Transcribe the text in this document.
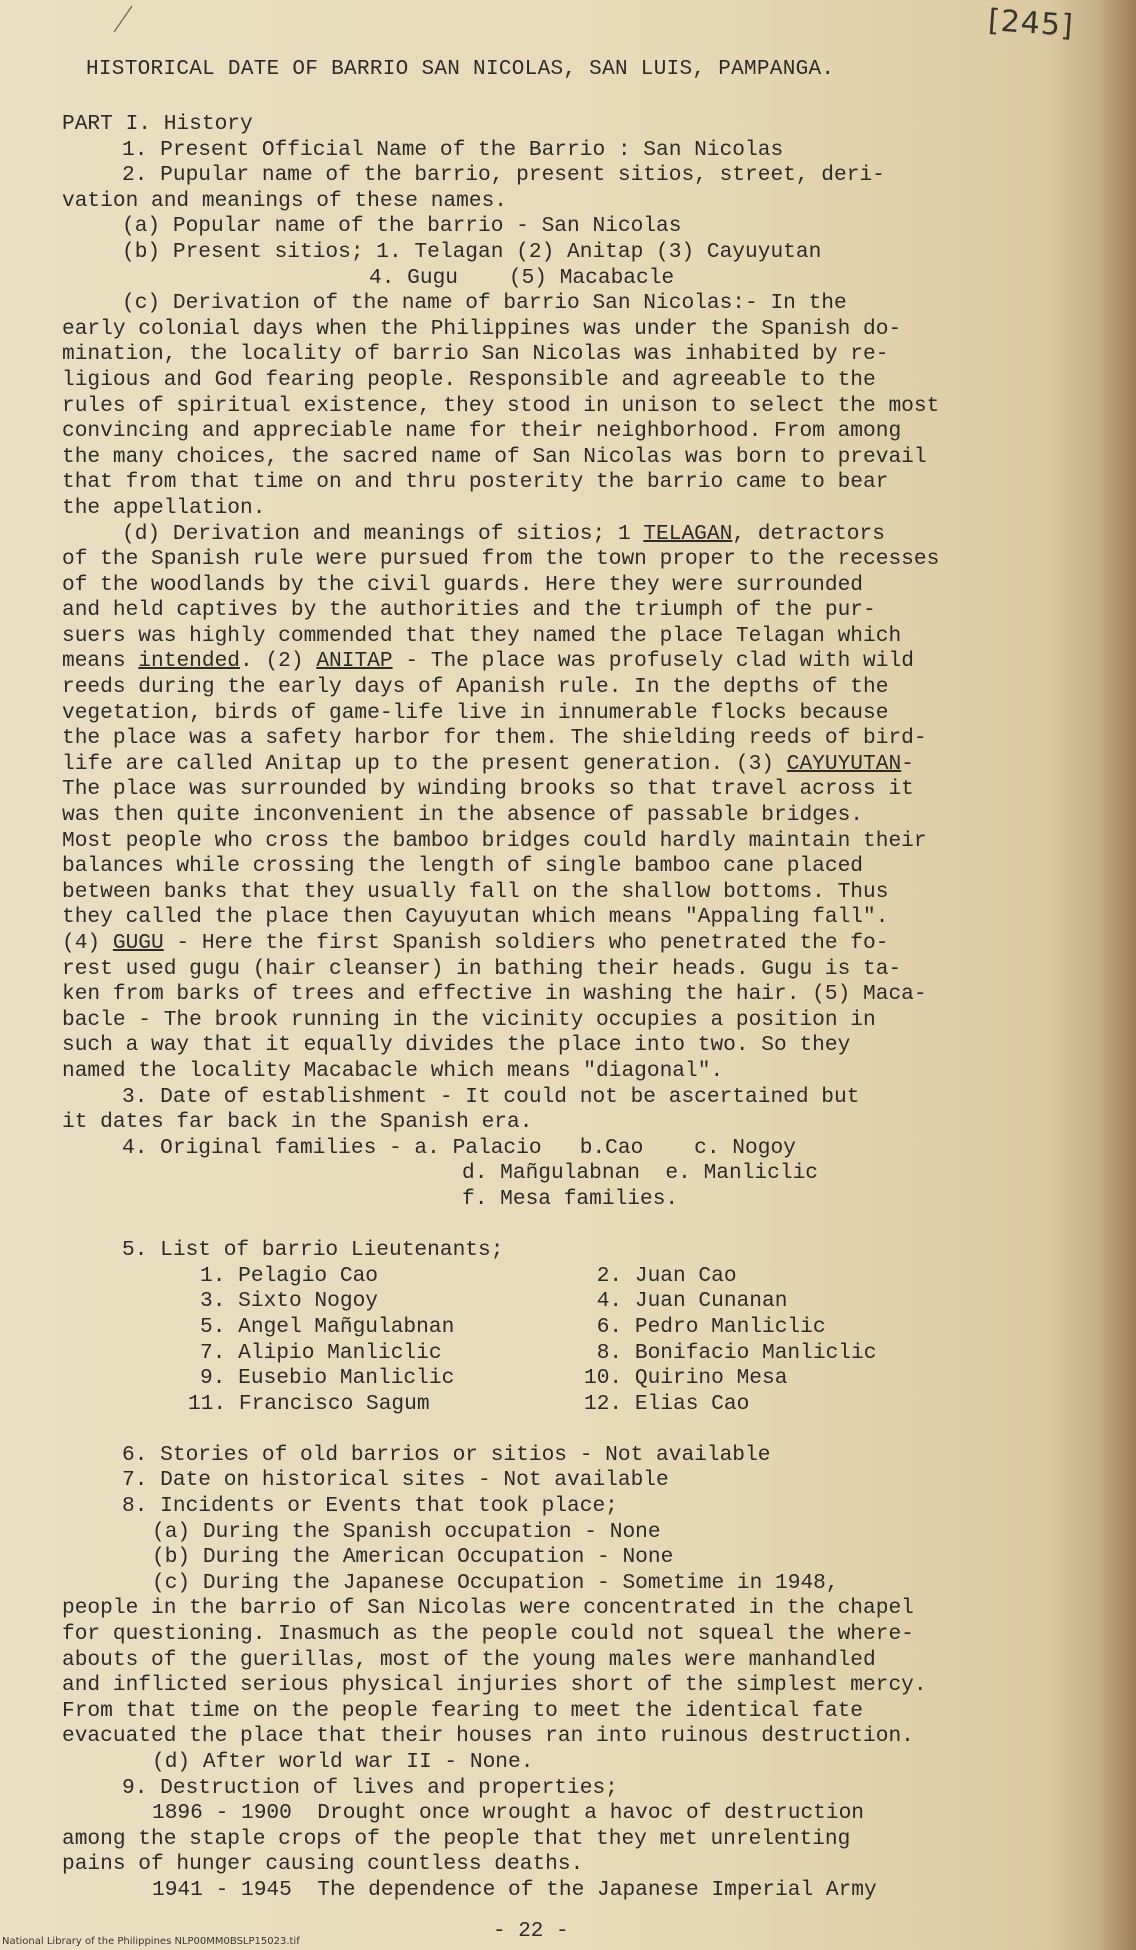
[245]
HISTORICAL DATE OF BARRIO SAN NICOLAS, SAN LUIS, PAMPANGA.
PART I. History
1. Present Official Name of the Barrio : San Nicolas
2. Pupular name of the barrio, present sitios, street, deri-
vation and meanings of these names.
(a) Popular name of the barrio - San Nicolas
(b) Present sitios; 1. Telagan (2) Anitap (3) Cayuyutan
4. Gugu    (5) Macabacle
(c) Derivation of the name of barrio San Nicolas:- In the
early colonial days when the Philippines was under the Spanish do-
mination, the locality of barrio San Nicolas was inhabited by re-
ligious and God fearing people. Responsible and agreeable to the
rules of spiritual existence, they stood in unison to select the most
convincing and appreciable name for their neighborhood. From among
the many choices, the sacred name of San Nicolas was born to prevail
that from that time on and thru posterity the barrio came to bear
the appellation.
(d) Derivation and meanings of sitios; 1 TELAGAN, detractors
of the Spanish rule were pursued from the town proper to the recesses
of the woodlands by the civil guards. Here they were surrounded
and held captives by the authorities and the triumph of the pur-
suers was highly commended that they named the place Telagan which
means intended. (2) ANITAP - The place was profusely clad with wild
reeds during the early days of Apanish rule. In the depths of the
vegetation, birds of game-life live in innumerable flocks because
the place was a safety harbor for them. The shielding reeds of bird-
life are called Anitap up to the present generation. (3) CAYUYUTAN-
The place was surrounded by winding brooks so that travel across it
was then quite inconvenient in the absence of passable bridges.
Most people who cross the bamboo bridges could hardly maintain their
balances while crossing the length of single bamboo cane placed
between banks that they usually fall on the shallow bottoms. Thus
they called the place then Cayuyutan which means "Appaling fall".
(4) GUGU - Here the first Spanish soldiers who penetrated the fo-
rest used gugu (hair cleanser) in bathing their heads. Gugu is ta-
ken from barks of trees and effective in washing the hair. (5) Maca-
bacle - The brook running in the vicinity occupies a position in
such a way that it equally divides the place into two. So they
named the locality Macabacle which means "diagonal".
3. Date of establishment - It could not be ascertained but
it dates far back in the Spanish era.
4. Original families - a. Palacio   b.Cao    c. Nogoy
d. Mañgulabnan  e. Manliclic
f. Mesa families.
5. List of barrio Lieutenants;
1. Pelagio Cao	2. Juan Cao
3. Sixto Nogoy	4. Juan Cunanan
5. Angel Mañgulabnan	6. Pedro Manliclic
7. Alipio Manliclic	8. Bonifacio Manliclic
9. Eusebio Manliclic	10. Quirino Mesa
11. Francisco Sagum	12. Elias Cao
6. Stories of old barrios or sitios - Not available
7. Date on historical sites - Not available
8. Incidents or Events that took place;
(a) During the Spanish occupation - None
(b) During the American Occupation - None
(c) During the Japanese Occupation - Sometime in 1948,
people in the barrio of San Nicolas were concentrated in the chapel
for questioning. Inasmuch as the people could not squeal the where-
abouts of the guerillas, most of the young males were manhandled
and inflicted serious physical injuries short of the simplest mercy.
From that time on the people fearing to meet the identical fate
evacuated the place that their houses ran into ruinous destruction.
(d) After world war II - None.
9. Destruction of lives and properties;
1896 - 1900  Drought once wrought a havoc of destruction
among the staple crops of the people that they met unrelenting
pains of hunger causing countless deaths.
1941 - 1945  The dependence of the Japanese Imperial Army
- 22 -
National Library of the Philippines NLP00MM0BSLP15023.tif
